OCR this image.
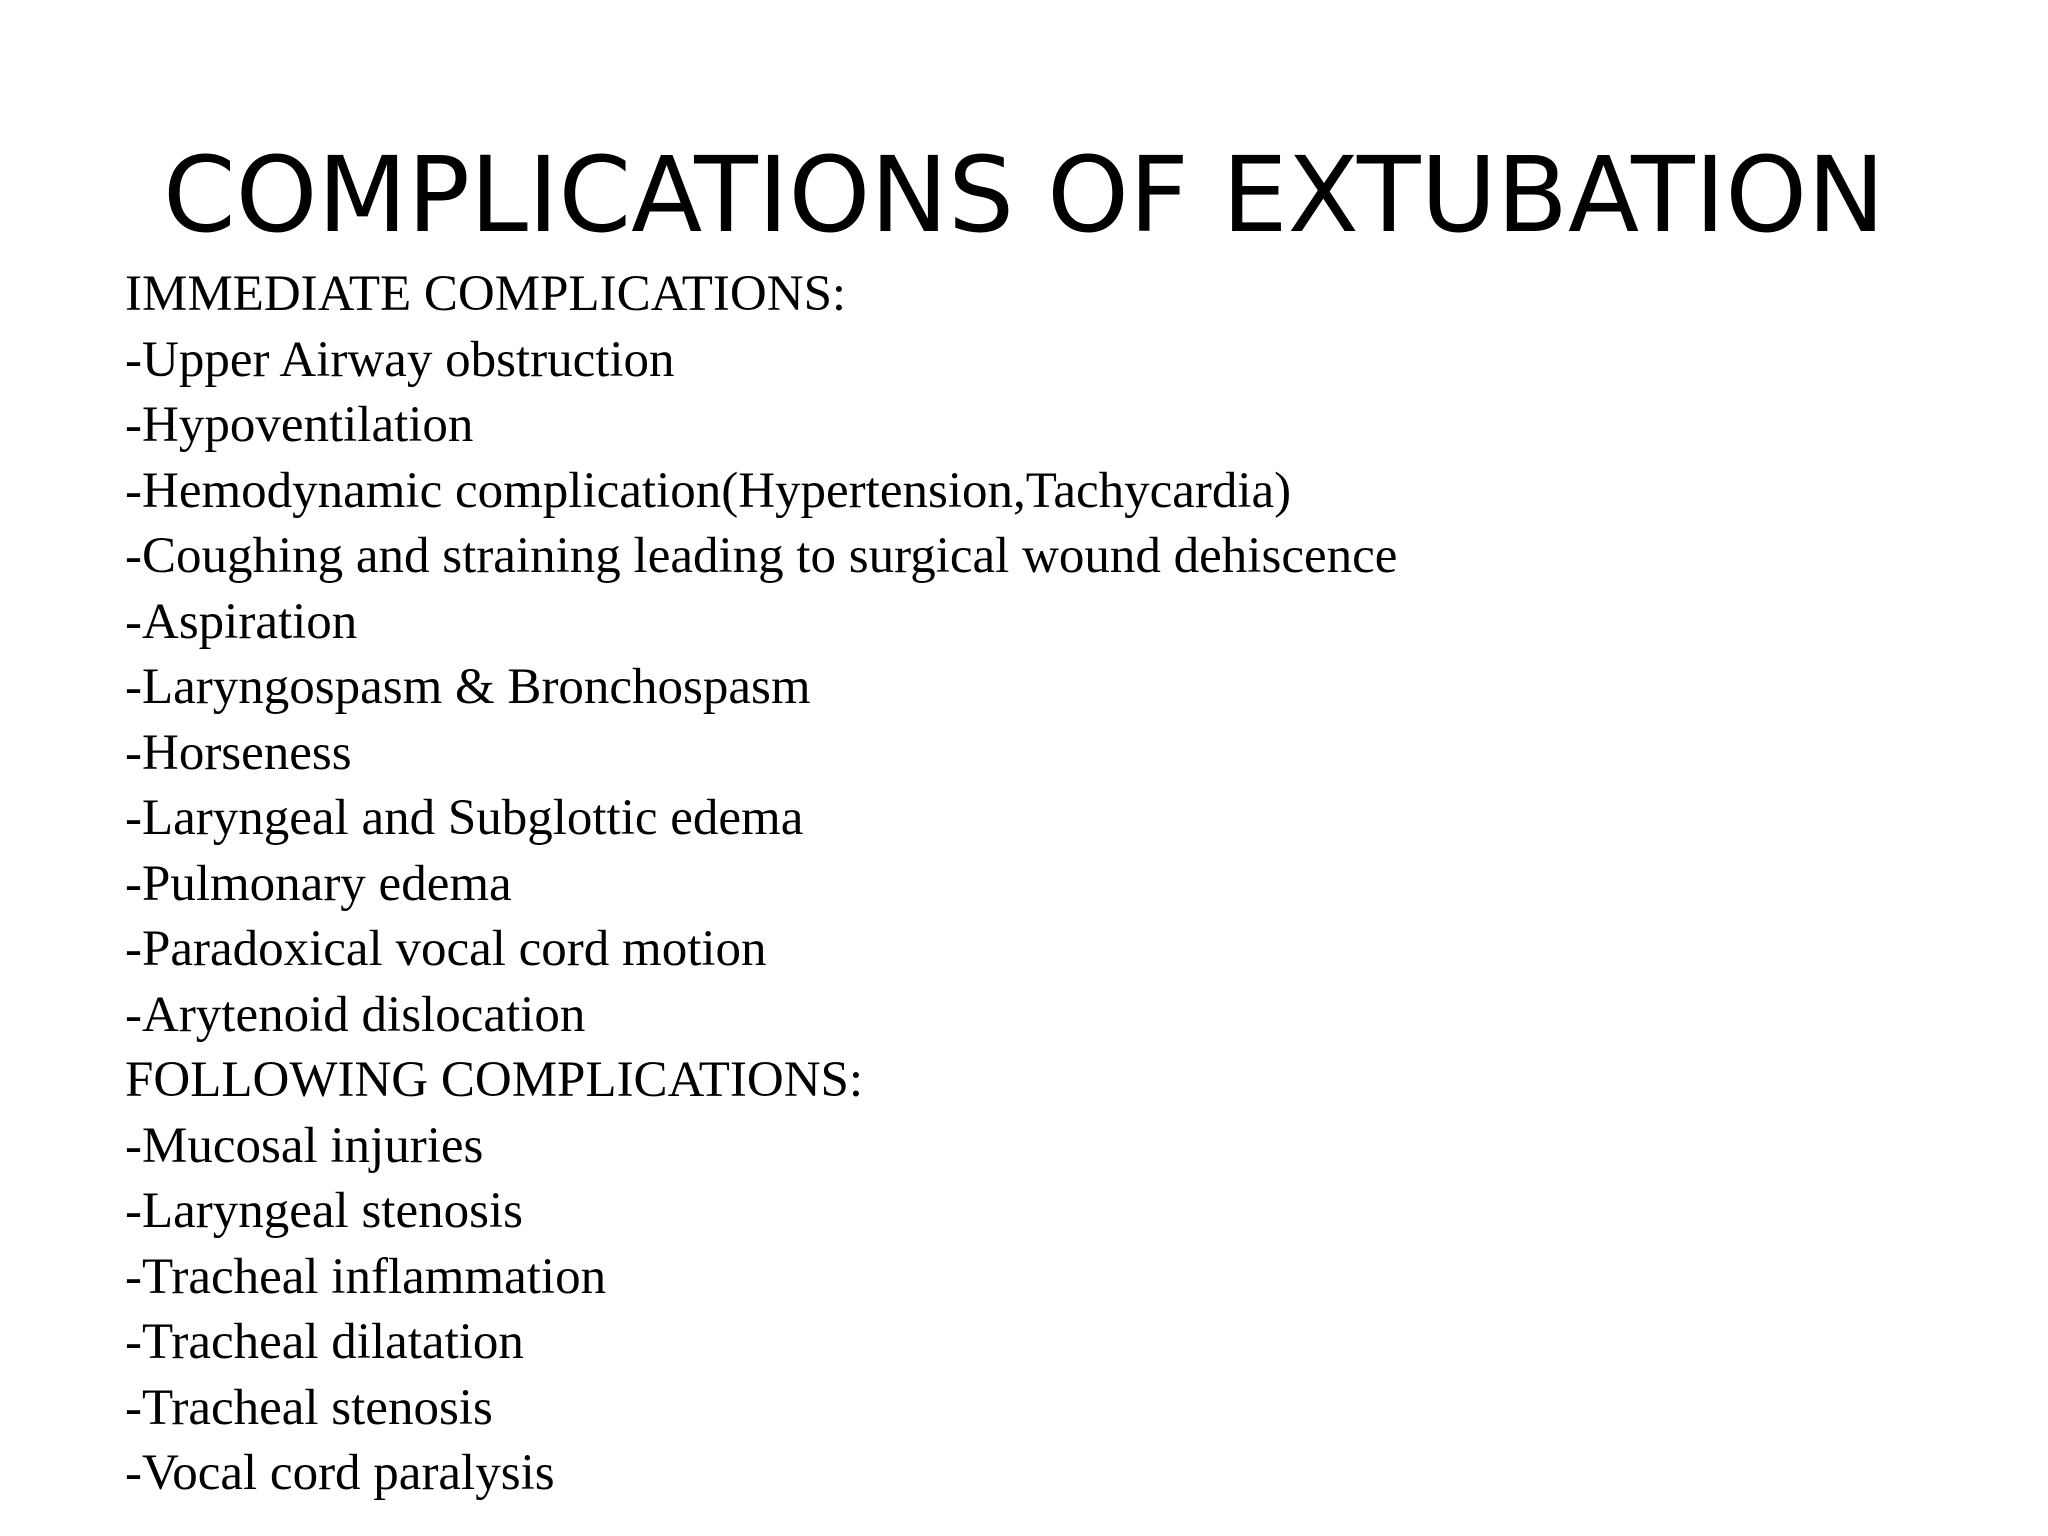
COMPLICATIONS OF EXTUBATION
IMMEDIATE COMPLICATIONS:
-Upper Airway obstruction
-Hypoventilation
-Hemodynamic complication(Hypertension,Tachycardia)
-Coughing and straining leading to surgical wound dehiscence
-Aspiration
-Laryngospasm & Bronchospasm
-Horseness
-Laryngeal and Subglottic edema
-Pulmonary edema
-Paradoxical vocal cord motion
-Arytenoid dislocation
FOLLOWING COMPLICATIONS:
-Mucosal injuries
-Laryngeal stenosis
-Tracheal inflammation
-Tracheal dilatation
-Tracheal stenosis
-Vocal cord paralysis
